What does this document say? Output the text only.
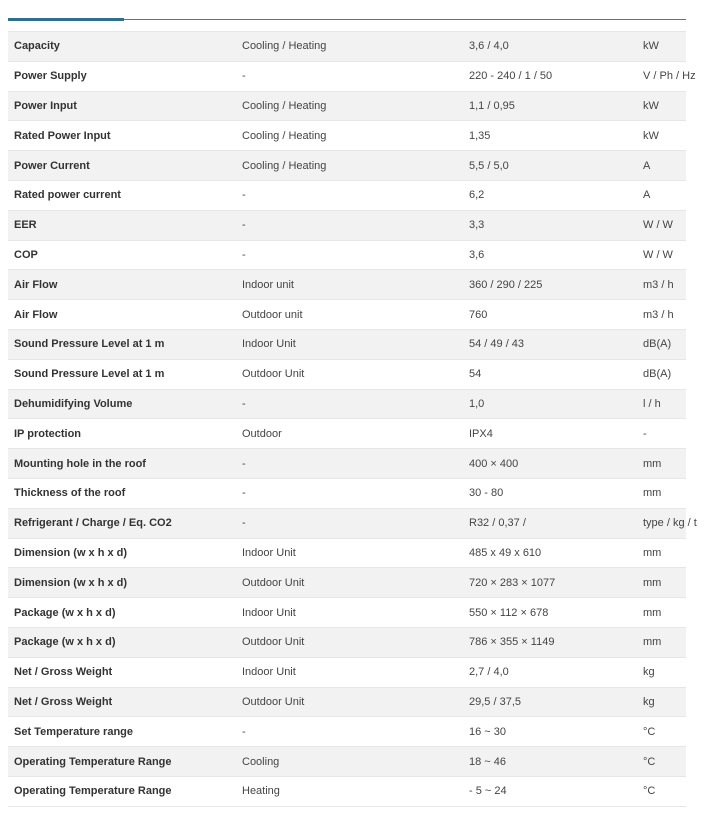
Capacity	Cooling / Heating	3,6 / 4,0	kW
Power Supply	-	220 - 240 / 1 / 50	V / Ph / Hz
Power Input	Cooling / Heating	1,1 / 0,95	kW
Rated Power Input	Cooling / Heating	1,35	kW
Power Current	Cooling / Heating	5,5 / 5,0	A
Rated power current	-	6,2	A
EER	-	3,3	W / W
COP	-	3,6	W / W
Air Flow	Indoor unit	360 / 290 / 225	m3 / h
Air Flow	Outdoor unit	760	m3 / h
Sound Pressure Level at 1 m	Indoor Unit	54 / 49 / 43	dB(A)
Sound Pressure Level at 1 m	Outdoor Unit	54	dB(A)
Dehumidifying Volume	-	1,0	l / h
IP protection	Outdoor	IPX4	-
Mounting hole in the roof	-	400 × 400	mm
Thickness of the roof	-	30 - 80	mm
Refrigerant / Charge / Eq. CO2	-	R32 / 0,37 /	type / kg / t
Dimension (w x h x d)	Indoor Unit	485 x 49 x 610	mm
Dimension (w x h x d)	Outdoor Unit	720 × 283 × 1077	mm
Package (w x h x d)	Indoor Unit	550 × 112 × 678	mm
Package (w x h x d)	Outdoor Unit	786 × 355 × 1149	mm
Net / Gross Weight	Indoor Unit	2,7 / 4,0	kg
Net / Gross Weight	Outdoor Unit	29,5 / 37,5	kg
Set Temperature range	-	16 ~ 30	°C
Operating Temperature Range	Cooling	18 ~ 46	°C
Operating Temperature Range	Heating	- 5 ~ 24	°C
